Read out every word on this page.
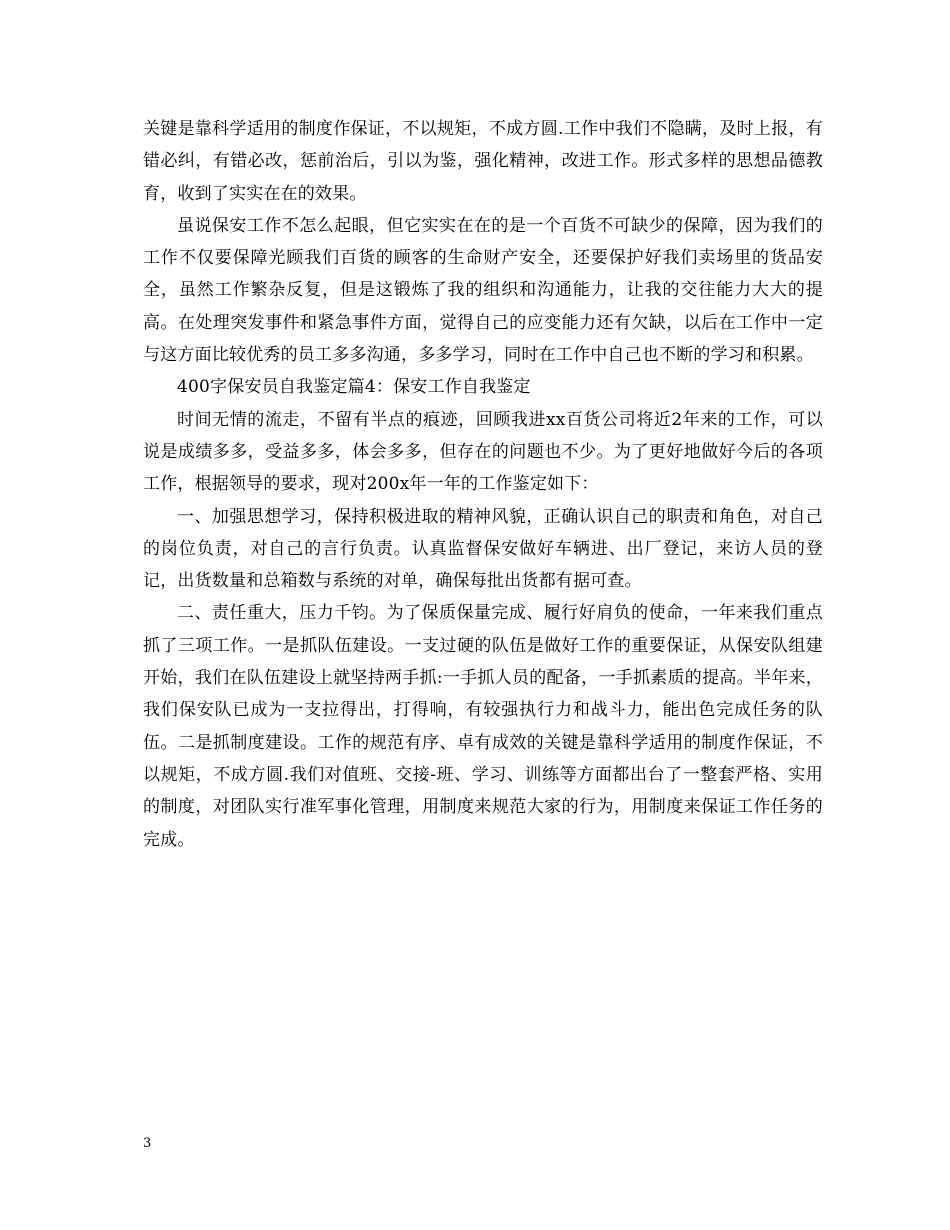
关键是靠科学适用的制度作保证，不以规矩，不成方圆.工作中我们不隐瞒，及时上报，有错必纠，有错必改，惩前治后，引以为鉴，强化精神，改进工作。形式多样的思想品德教育，收到了实实在在的效果。

虽说保安工作不怎么起眼，但它实实在在的是一个百货不可缺少的保障，因为我们的工作不仅要保障光顾我们百货的顾客的生命财产安全，还要保护好我们卖场里的货品安全，虽然工作繁杂反复，但是这锻炼了我的组织和沟通能力，让我的交往能力大大的提高。在处理突发事件和紧急事件方面，觉得自己的应变能力还有欠缺，以后在工作中一定与这方面比较优秀的员工多多沟通，多多学习，同时在工作中自己也不断的学习和积累。

400字保安员自我鉴定篇4：保安工作自我鉴定

时间无情的流走，不留有半点的痕迹，回顾我进xx百货公司将近2年来的工作，可以说是成绩多多，受益多多，体会多多，但存在的问题也不少。为了更好地做好今后的各项工作，根据领导的要求，现对200x年一年的工作鉴定如下：

一、加强思想学习，保持积极进取的精神风貌，正确认识自己的职责和角色，对自己的岗位负责，对自己的言行负责。认真监督保安做好车辆进、出厂登记，来访人员的登记，出货数量和总箱数与系统的对单，确保每批出货都有据可查。

二、责任重大，压力千钧。为了保质保量完成、履行好肩负的使命，一年来我们重点抓了三项工作。一是抓队伍建设。一支过硬的队伍是做好工作的重要保证，从保安队组建开始，我们在队伍建设上就坚持两手抓:一手抓人员的配备，一手抓素质的提高。半年来，我们保安队已成为一支拉得出，打得响，有较强执行力和战斗力，能出色完成任务的队伍。二是抓制度建设。工作的规范有序、卓有成效的关键是靠科学适用的制度作保证，不以规矩，不成方圆.我们对值班、交接-班、学习、训练等方面都出台了一整套严格、实用的制度，对团队实行准军事化管理，用制度来规范大家的行为，用制度来保证工作任务的完成。

3
